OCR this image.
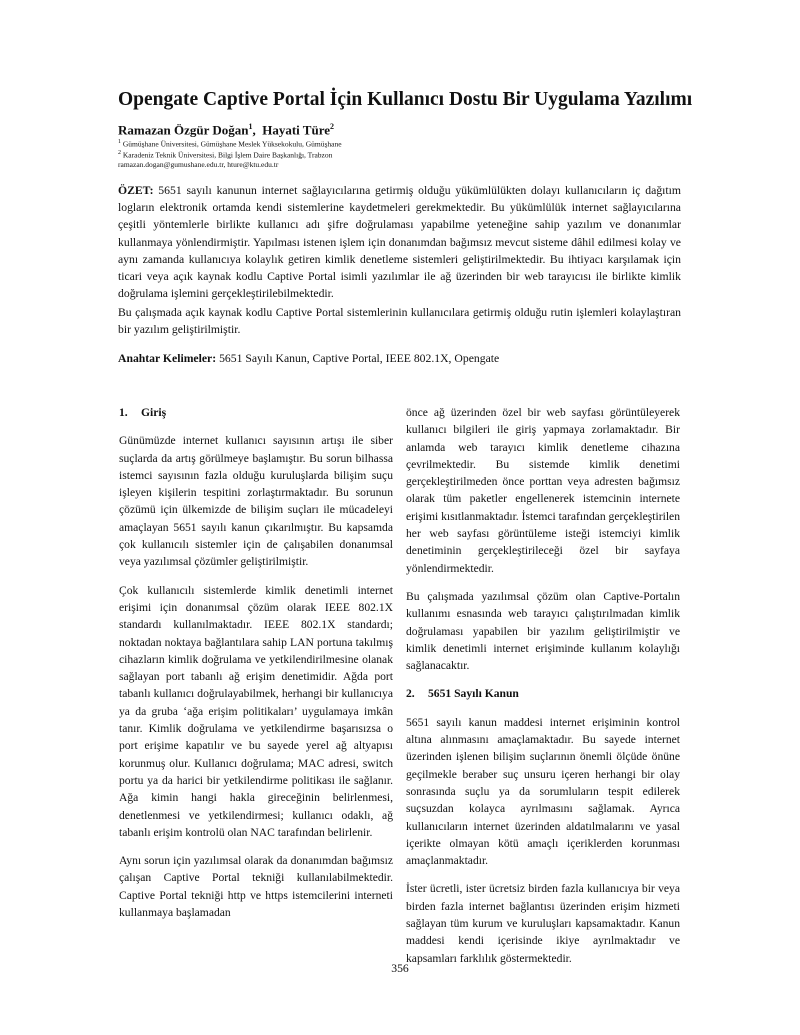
Opengate Captive Portal İçin Kullanıcı Dostu Bir Uygulama Yazılımı
Ramazan Özgür Doğan$^1$,  Hayati Türe$^2$
$^1$ Gümüşhane Üniversitesi, Gümüşhane Meslek Yüksekokulu, Gümüşhane
$^2$ Karadeniz Teknik Üniversitesi, Bilgi İşlem Daire Başkanlığı, Trabzon
ramazan.dogan@gumushane.edu.tr, hture@ktu.edu.tr

ÖZET: 5651 sayılı kanunun internet sağlayıcılarına getirmiş olduğu yükümlülükten dolayı kullanıcıların iç dağıtım logların elektronik ortamda kendi sistemlerine kaydetmeleri gerekmektedir. Bu yükümlülük internet sağlayıcılarına çeşitli yöntemlerle birlikte kullanıcı adı şifre doğrulaması yapabilme yeteneğine sahip yazılım ve donanımlar kullanmaya yönlendirmiştir. Yapılması istenen işlem için donanımdan bağımsız mevcut sisteme dâhil edilmesi kolay ve aynı zamanda kullanıcıya kolaylık getiren kimlik denetleme sistemleri geliştirilmektedir. Bu ihtiyacı karşılamak için ticari veya açık kaynak kodlu Captive Portal isimli yazılımlar ile ağ üzerinden bir web tarayıcısı ile birlikte kimlik doğrulama işlemini gerçekleştirilebilmektedir.

Bu çalışmada açık kaynak kodlu Captive Portal sistemlerinin kullanıcılara getirmiş olduğu rutin işlemleri kolaylaştıran bir yazılım geliştirilmiştir.

Anahtar Kelimeler: 5651 Sayılı Kanun, Captive Portal, IEEE 802.1X, Opengate

1. Giriş

Günümüzde internet kullanıcı sayısının artışı ile siber suçlarda da artış görülmeye başlamıştır. Bu sorun bilhassa istemci sayısının fazla olduğu kuruluşlarda bilişim suçu işleyen kişilerin tespitini zorlaştırmaktadır. Bu sorunun çözümü için ülkemizde de bilişim suçları ile mücadeleyi amaçlayan 5651 sayılı kanun çıkarılmıştır. Bu kapsamda çok kullanıcılı sistemler için de çalışabilen donanımsal veya yazılımsal çözümler geliştirilmiştir.

Çok kullanıcılı sistemlerde kimlik denetimli internet erişimi için donanımsal çözüm olarak IEEE 802.1X standardı kullanılmaktadır. IEEE 802.1X standardı; noktadan noktaya bağlantılara sahip LAN portuna takılmış cihazların kimlik doğrulama ve yetkilendirilmesine olanak sağlayan port tabanlı ağ erişim denetimidir. Ağda port tabanlı kullanıcı doğrulayabilmek, herhangi bir kullanıcıya ya da gruba ‘ağa erişim politikaları’ uygulamaya imkân tanır. Kimlik doğrulama ve yetkilendirme başarısızsa o port erişime kapatılır ve bu sayede yerel ağ altyapısı korunmuş olur. Kullanıcı doğrulama; MAC adresi, switch portu ya da harici bir yetkilendirme politikası ile sağlanır. Ağa kimin hangi hakla gireceğinin belirlenmesi, denetlenmesi ve yetkilendirmesi; kullanıcı odaklı, ağ tabanlı erişim kontrolü olan NAC tarafından belirlenir.

Aynı sorun için yazılımsal olarak da donanımdan bağımsız çalışan Captive Portal tekniği kullanılabilmektedir. Captive Portal tekniği http ve https istemcilerini interneti kullanmaya başlamadan

önce ağ üzerinden özel bir web sayfası görüntüleyerek kullanıcı bilgileri ile giriş yapmaya zorlamaktadır. Bir anlamda web tarayıcı kimlik denetleme cihazına çevrilmektedir. Bu sistemde kimlik denetimi gerçekleştirilmeden önce porttan veya adresten bağımsız olarak tüm paketler engellenerek istemcinin internete erişimi kısıtlanmaktadır. İstemci tarafından gerçekleştirilen her web sayfası görüntüleme isteği istemciyi kimlik denetiminin gerçekleştirileceği özel bir sayfaya yönlendirmektedir.

Bu çalışmada yazılımsal çözüm olan Captive-Portalın kullanımı esnasında web tarayıcı çalıştırılmadan kimlik doğrulaması yapabilen bir yazılım geliştirilmiştir ve kimlik denetimli internet erişiminde kullanım kolaylığı sağlanacaktır.

2. 5651 Sayılı Kanun

5651 sayılı kanun maddesi internet erişiminin kontrol altına alınmasını amaçlamaktadır. Bu sayede internet üzerinden işlenen bilişim suçlarının önemli ölçüde önüne geçilmekle beraber suç unsuru içeren herhangi bir olay sonrasında suçlu ya da sorumluların tespit edilerek suçsuzdan kolayca ayrılmasını sağlamak. Ayrıca kullanıcıların internet üzerinden aldatılmalarını ve yasal içerikte olmayan kötü amaçlı içeriklerden korunması amaçlanmaktadır.

İster ücretli, ister ücretsiz birden fazla kullanıcıya bir veya birden fazla internet bağlantısı üzerinden erişim hizmeti sağlayan tüm kurum ve kuruluşları kapsamaktadır. Kanun maddesi kendi içerisinde ikiye ayrılmaktadır ve kapsamları farklılık göstermektedir.

356
